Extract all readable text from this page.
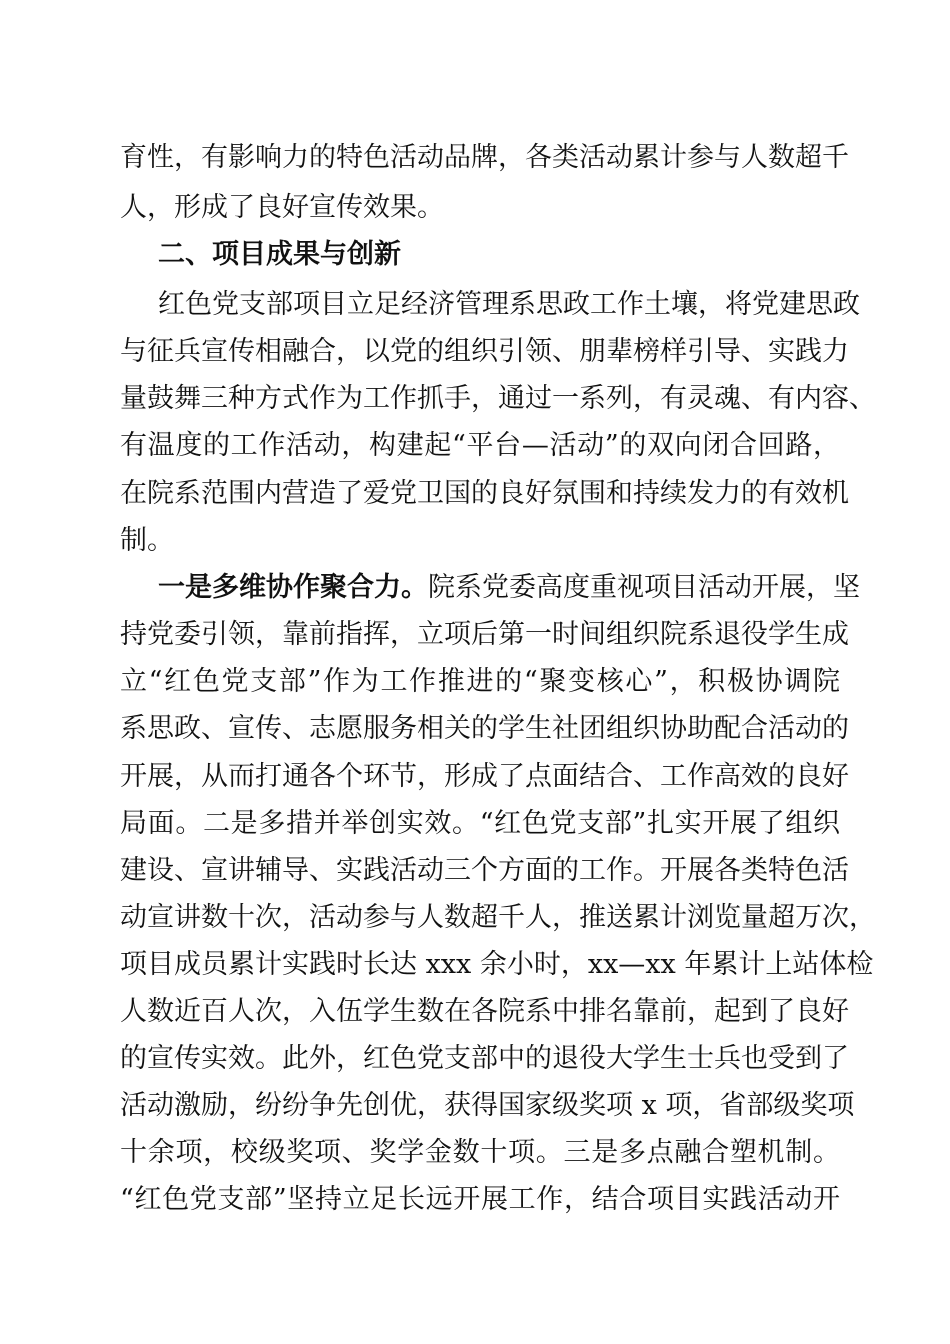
育性，有影响力的特色活动品牌，各类活动累计参与人数超千
人，形成了良好宣传效果。
二、项目成果与创新
红色党支部项目立足经济管理系思政工作土壤，将党建思政
与征兵宣传相融合，以党的组织引领、朋辈榜样引导、实践力
量鼓舞三种方式作为工作抓手，通过一系列，有灵魂、有内容、
有温度的工作活动，构建起“平台—活动”的双向闭合回路，
在院系范围内营造了爱党卫国的良好氛围和持续发力的有效机
制。
一是多维协作聚合力。院系党委高度重视项目活动开展，坚
持党委引领，靠前指挥，立项后第一时间组织院系退役学生成
立“红色党支部”作为工作推进的“聚变核心”，积极协调院
系思政、宣传、志愿服务相关的学生社团组织协助配合活动的
开展，从而打通各个环节，形成了点面结合、工作高效的良好
局面。二是多措并举创实效。“红色党支部”扎实开展了组织
建设、宣讲辅导、实践活动三个方面的工作。开展各类特色活
动宣讲数十次，活动参与人数超千人，推送累计浏览量超万次，
项目成员累计实践时长达 xxx 余小时，xx—xx 年累计上站体检
人数近百人次，入伍学生数在各院系中排名靠前，起到了良好
的宣传实效。此外，红色党支部中的退役大学生士兵也受到了
活动激励，纷纷争先创优，获得国家级奖项 x 项，省部级奖项
十余项，校级奖项、奖学金数十项。三是多点融合塑机制。
“红色党支部”坚持立足长远开展工作，结合项目实践活动开
